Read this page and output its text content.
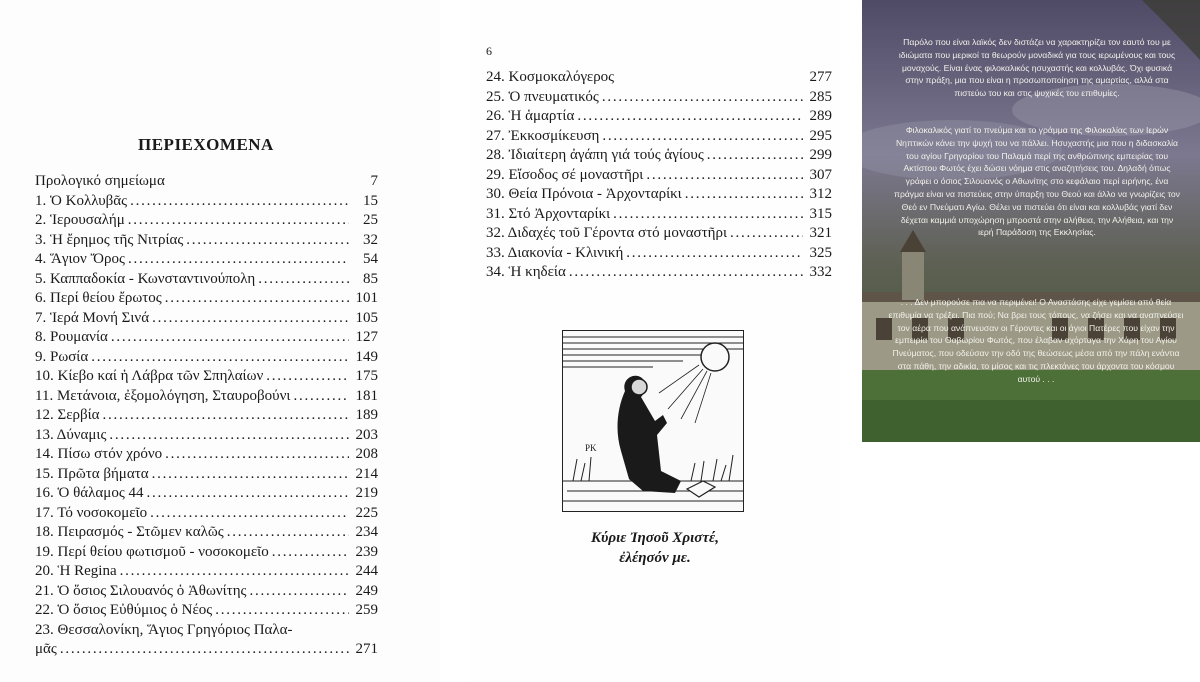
ΠΕΡΙΕΧΟΜΕΝΑ
Προλογικό σημείωμα	7
1. Ὁ Κολλυβᾶς . . .	15
2. Ἱερουσαλήμ . . .	25
3. Ἡ ἔρημος τῆς Νιτρίας . . .	32
4. Ἅγιον Ὄρος . . .	54
5. Καππαδοκία - Κωνσταντινούπολη . . .	85
6. Περί θείου ἔρωτος . . .	101
7. Ἱερά Μονή Σινά . . .	105
8. Ρουμανία . . .	127
9. Ρωσία . . .	149
10. Κίεβο καί ἡ Λάβρα τῶν Σπηλαίων . . .	175
11. Μετάνοια, ἐξομολόγηση, Σταυροβούνι . . .	181
12. Σερβία . . .	189
13. Δύναμις . . .	203
14. Πίσω στόν χρόνο . . .	208
15. Πρῶτα βήματα . . .	214
16. Ὁ θάλαμος 44 . . .	219
17. Τό νοσοκομεῖο . . .	225
18. Πειρασμός - Στῶμεν καλῶς . . .	234
19. Περί θείου φωτισμοῦ - νοσοκομεῖο . . .	239
20. Ἡ Regina . . .	244
21. Ὁ ὅσιος Σιλουανός ὁ Ἀθωνίτης . . .	249
22. Ὁ ὅσιος Εὐθύμιος ὁ Νέος . . .	259
23. Θεσσαλονίκη, Ἅγιος Γρηγόριος Παλα-
μᾶς . . .	271
6
24. Κοσμοκαλόγερος	277
25. Ὁ πνευματικός . . .	285
26. Ἡ ἁμαρτία . . .	289
27. Ἐκκοσμίκευση . . .	295
28. Ἰδιαίτερη ἀγάπη γιά τούς ἁγίους . . .	299
29. Εἴσοδος σέ μοναστῆρι . . .	307
30. Θεία Πρόνοια - Ἀρχονταρίκι . . .	312
31. Στό Ἀρχονταρίκι . . .	315
32. Διδαχές τοῦ Γέροντα στό μοναστῆρι . . .	321
33. Διακονία - Κλινική . . .	325
34. Ἡ κηδεία . . .	332
PK
Κύριε Ἰησοῦ Χριστέ,
ἐλέησόν με.

Παρόλο που είναι λαϊκός δεν διστάζει να χαρακτηρίζει τον εαυτό του με ιδιώματα που μερικοί τα θεωρούν μοναδικά για τους ιερωμένους και τους μοναχούς. Είναι ένας φιλοκαλικός ησυχαστής και κολλυβάς. Όχι φυσικά στην πράξη, μια που είναι η προσωποποίηση της αμαρτίας, αλλά στα πιστεύω του και στις ψυχικές του επιθυμίες.

Φιλοκαλικός γιατί το πνεύμα και το γράμμα της Φιλοκαλίας των Ιερών Νηπτικών κάνει την ψυχή του να πάλλει. Ησυχαστής μια που η διδασκαλία του αγίου Γρηγορίου του Παλαμά περί της ανθρώπινης εμπειρίας του Ακτίστου Φωτός έχει δώσει νόημα στις αναζητήσεις του. Δηλαδή όπως γράφει ο όσιος Σιλουανός ο Αθωνίτης στο κεφάλαιο περί ειρήνης, ένα πράγμα είναι να πιστεύεις στην ύπαρξη του Θεού και άλλο να γνωρίζεις τον Θεό εν Πνεύματι Αγίω. Θέλει να πιστεύει ότι είναι και κολλυβάς γιατί δεν δέχεται καμμιά υποχώρηση μπροστά στην αλήθεια, την Αλήθεια, και την ιερή Παράδοση της Εκκλησίας.

. . . Δεν μπορούσε πια να περιμένει! Ο Αναστάσης είχε γεμίσει από θεία επιθυμία να τρέξει. Πια πού; Να βρει τους τόπους, να ζήσει και να αναπνεύσει τον αέρα που ανάπνευσαν οι Γέροντες και οι άγιοι Πατέρες που είχαν την εμπειρία του Θαβωρίου Φωτός, που έλαβαν αχόρταγα την Χάρη του Αγίου Πνεύματος, που οδεύσαν την οδό της θεώσεως μέσα από την πάλη ενάντια στα πάθη, την αδικία, το μίσος και τις πλεκτάνες του άρχοντα του κόσμου αυτού . . .
